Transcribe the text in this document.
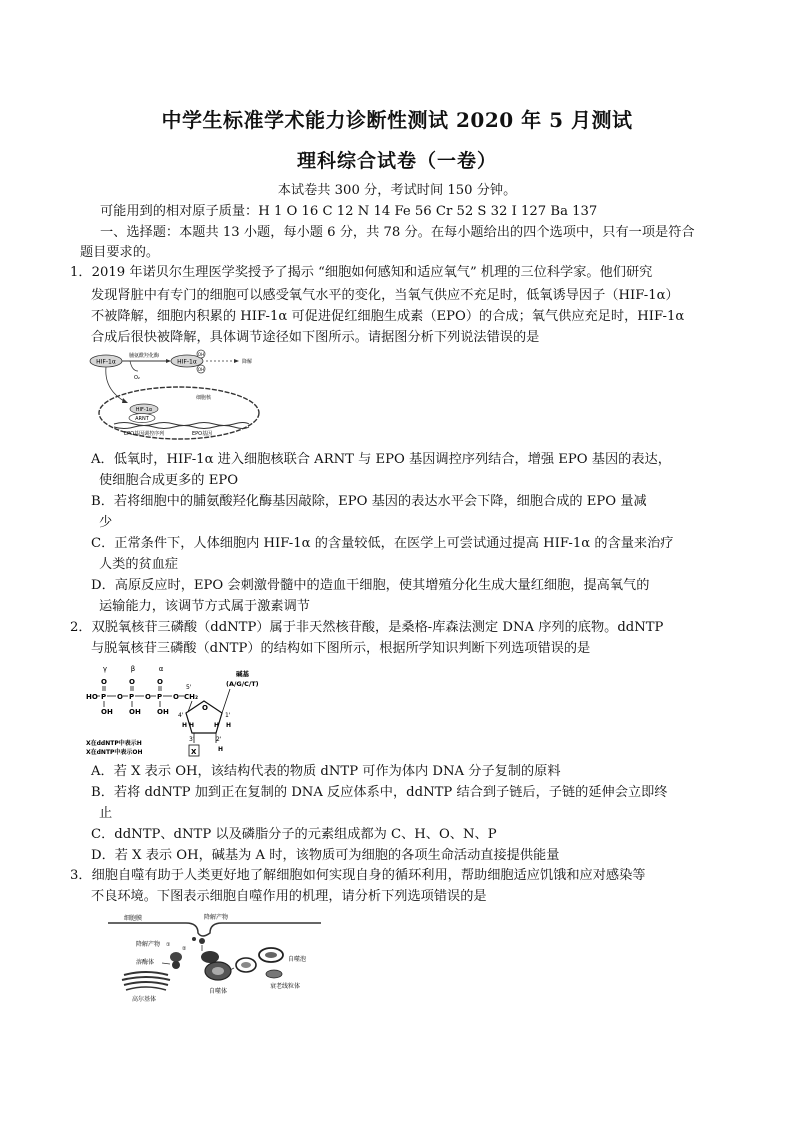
中学生标准学术能力诊断性测试 2020 年 5 月测试
理科综合试卷（一卷）
本试卷共 300 分，考试时间 150 分钟。
可能用到的相对原子质量：H 1 O 16 C 12 N 14 Fe 56 Cr 52 S 32 I 127 Ba 137
一、选择题：本题共 13 小题，每小题 6 分，共 78 分。在每小题给出的四个选项中，只有一项是符合
题目要求的。
1．2019 年诺贝尔生理医学奖授予了揭示 “细胞如何感知和适应氧气” 机理的三位科学家。他们研究
发现肾脏中有专门的细胞可以感受氧气水平的变化，当氧气供应不充足时，低氧诱导因子（HIF-1α）
不被降解，细胞内积累的 HIF-1α 可促进促红细胞生成素（EPO）的合成；氧气供应充足时，HIF-1α
合成后很快被降解，具体调节途径如下图所示。请据图分析下列说法错误的是
HIF-1α
脯氨酰羟化酶
O₂
HIF-1α
OH
OH
降解
细胞核
HIF-1α
ARNT
EPO基因调控序列	EPO基因
A．低氧时，HIF-1α 进入细胞核联合 ARNT 与 EPO 基因调控序列结合，增强 EPO 基因的表达，
使细胞合成更多的 EPO
B．若将细胞中的脯氨酸羟化酶基因敲除，EPO 基因的表达水平会下降，细胞合成的 EPO 量减
少
C．正常条件下，人体细胞内 HIF-1α 的含量较低，在医学上可尝试通过提高 HIF-1α 的含量来治疗
人类的贫血症
D．高原反应时，EPO 会刺激骨髓中的造血干细胞，使其增殖分化生成大量红细胞，提高氧气的
运输能力，该调节方式属于激素调节
2．双脱氧核苷三磷酸（ddNTP）属于非天然核苷酸，是桑格-库森法测定 DNA 序列的底物。ddNTP
与脱氧核苷三磷酸（dNTP）的结构如下图所示，根据所学知识判断下列选项错误的是
γ	β	α
HO P
O
OH
O P
O
OH
O P
O
OH
O CH₂
5'
O
4'	1'
3'	2'
H	H
H	H
H
X
碱基
(A/G/C/T)
X在ddNTP中表示H
X在dNTP中表示OH
A．若 X 表示 OH，该结构代表的物质 dNTP 可作为体内 DNA 分子复制的原料
B．若将 ddNTP 加到正在复制的 DNA 反应体系中，ddNTP 结合到子链后，子链的延伸会立即终
止
C．ddNTP、dNTP 以及磷脂分子的元素组成都为 C、H、O、N、P
D．若 X 表示 OH，碱基为 A 时，该物质可为细胞的各项生命活动直接提供能量
3．细胞自噬有助于人类更好地了解细胞如何实现自身的循环利用，帮助细胞适应饥饿和应对感染等
不良环境。下图表示细胞自噬作用的机理，请分析下列选项错误的是
细胞膜	降解产物
降解产物 ①
②
溶酶体
自噬体
自噬泡
衰老线粒体
高尔基体
